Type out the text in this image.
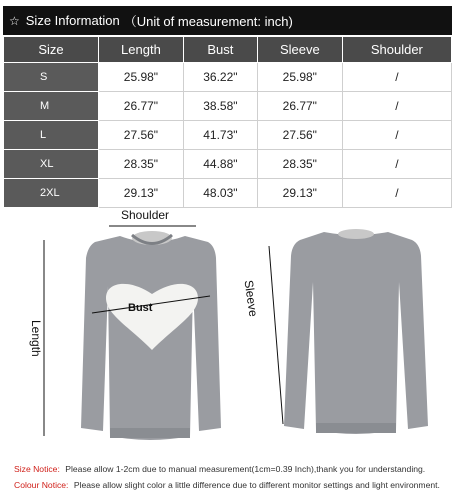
☆ Size Information （Unit of measurement: inch)
Size	Length	Bust	Sleeve	Shoulder
S	25.98"	36.22"	25.98"	/
M	26.77"	38.58"	26.77"	/
L	27.56"	41.73"	27.56"	/
XL	28.35"	44.88"	28.35"	/
2XL	29.13"	48.03"	29.13"	/
Shoulder
Length
Bust	Sleeve
Size Notice: Please allow 1-2cm due to manual measurement(1cm=0.39 Inch),thank you for understanding.
Colour Notice: Please allow slight color a little difference due to different monitor settings and light environment.
